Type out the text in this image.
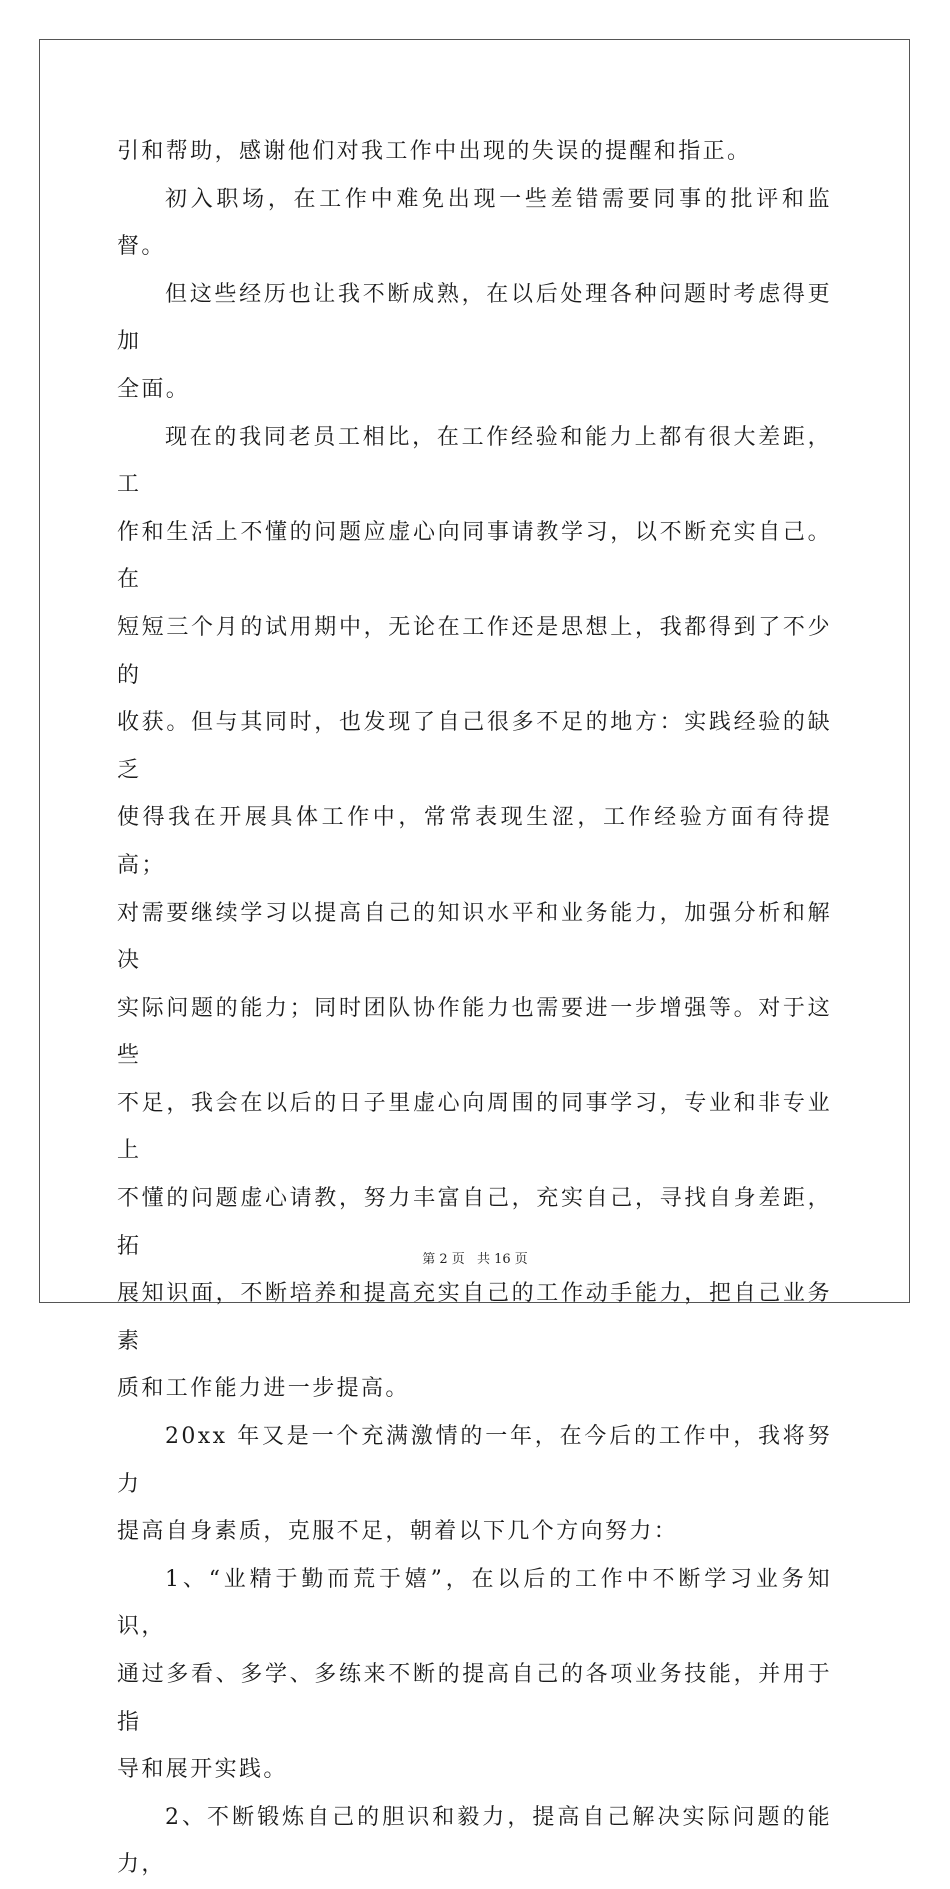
引和帮助，感谢他们对我工作中出现的失误的提醒和指正。

初入职场，在工作中难免出现一些差错需要同事的批评和监督。

但这些经历也让我不断成熟，在以后处理各种问题时考虑得更加

全面。

现在的我同老员工相比，在工作经验和能力上都有很大差距，工

作和生活上不懂的问题应虚心向同事请教学习，以不断充实自己。在

短短三个月的试用期中，无论在工作还是思想上，我都得到了不少的

收获。但与其同时，也发现了自己很多不足的地方：实践经验的缺乏

使得我在开展具体工作中，常常表现生涩，工作经验方面有待提高；

对需要继续学习以提高自己的知识水平和业务能力，加强分析和解决

实际问题的能力；同时团队协作能力也需要进一步增强等。对于这些

不足，我会在以后的日子里虚心向周围的同事学习，专业和非专业上

不懂的问题虚心请教，努力丰富自己，充实自己，寻找自身差距，拓

展知识面，不断培养和提高充实自己的工作动手能力，把自己业务素

质和工作能力进一步提高。

20xx 年又是一个充满激情的一年，在今后的工作中，我将努力

提高自身素质，克服不足，朝着以下几个方向努力：

1、“业精于勤而荒于嬉”，在以后的工作中不断学习业务知识，

通过多看、多学、多练来不断的提高自己的各项业务技能，并用于指

导和展开实践。

2、不断锻炼自己的胆识和毅力，提高自己解决实际问题的能力，

第 2 页 共 16 页
